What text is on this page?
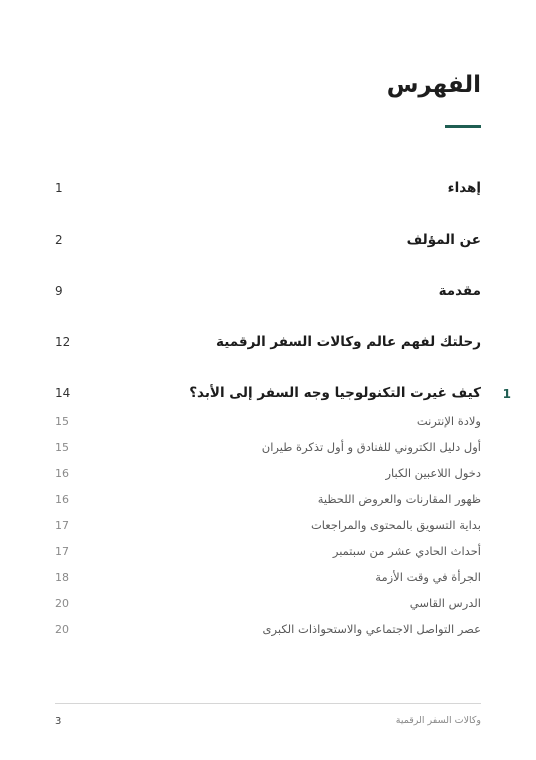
الفهرس
1	إهداء
2	عن المؤلف
9	مقدمة
12	رحلتك لفهم عالم وكالات السفر الرقمية
14	كيف غيرت التكنولوجيا وجه السفر إلى الأبد؟ 1
15	ولادة الإنترنت
15	أول دليل الكتروني للفنادق و أول تذكرة طيران
16	دخول اللاعبين الكبار
16	ظهور المقارنات والعروض اللحظية
17	بداية التسويق بالمحتوى والمراجعات
17	أحداث الحادي عشر من سبتمبر
18	الجرأة في وقت الأزمة
20	الدرس القاسي
20	عصر التواصل الاجتماعي والاستحواذات الكبرى
3	وكالات السفر الرقمية
